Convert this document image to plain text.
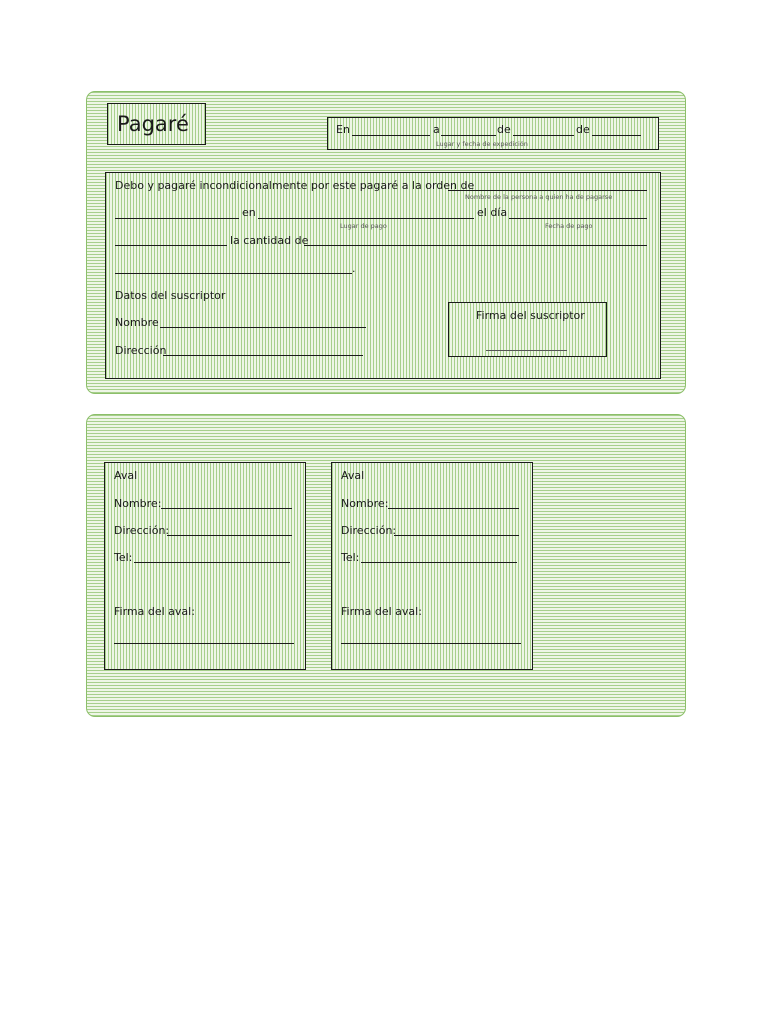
Pagaré	En	a	de	de
Lugar y fecha de expedición
Debo y pagaré incondicionalmente por este pagaré a la orden de
Nombre de la persona a quien ha de pagarse
en	el día
Lugar de pago	Fecha de pago
la cantidad de
.
Datos del suscriptor
Nombre
Dirección
Firma del suscriptor
Aval
Nombre:
Dirección:
Tel:
Firma del aval:
Aval
Nombre:
Dirección:
Tel:
Firma del aval:
